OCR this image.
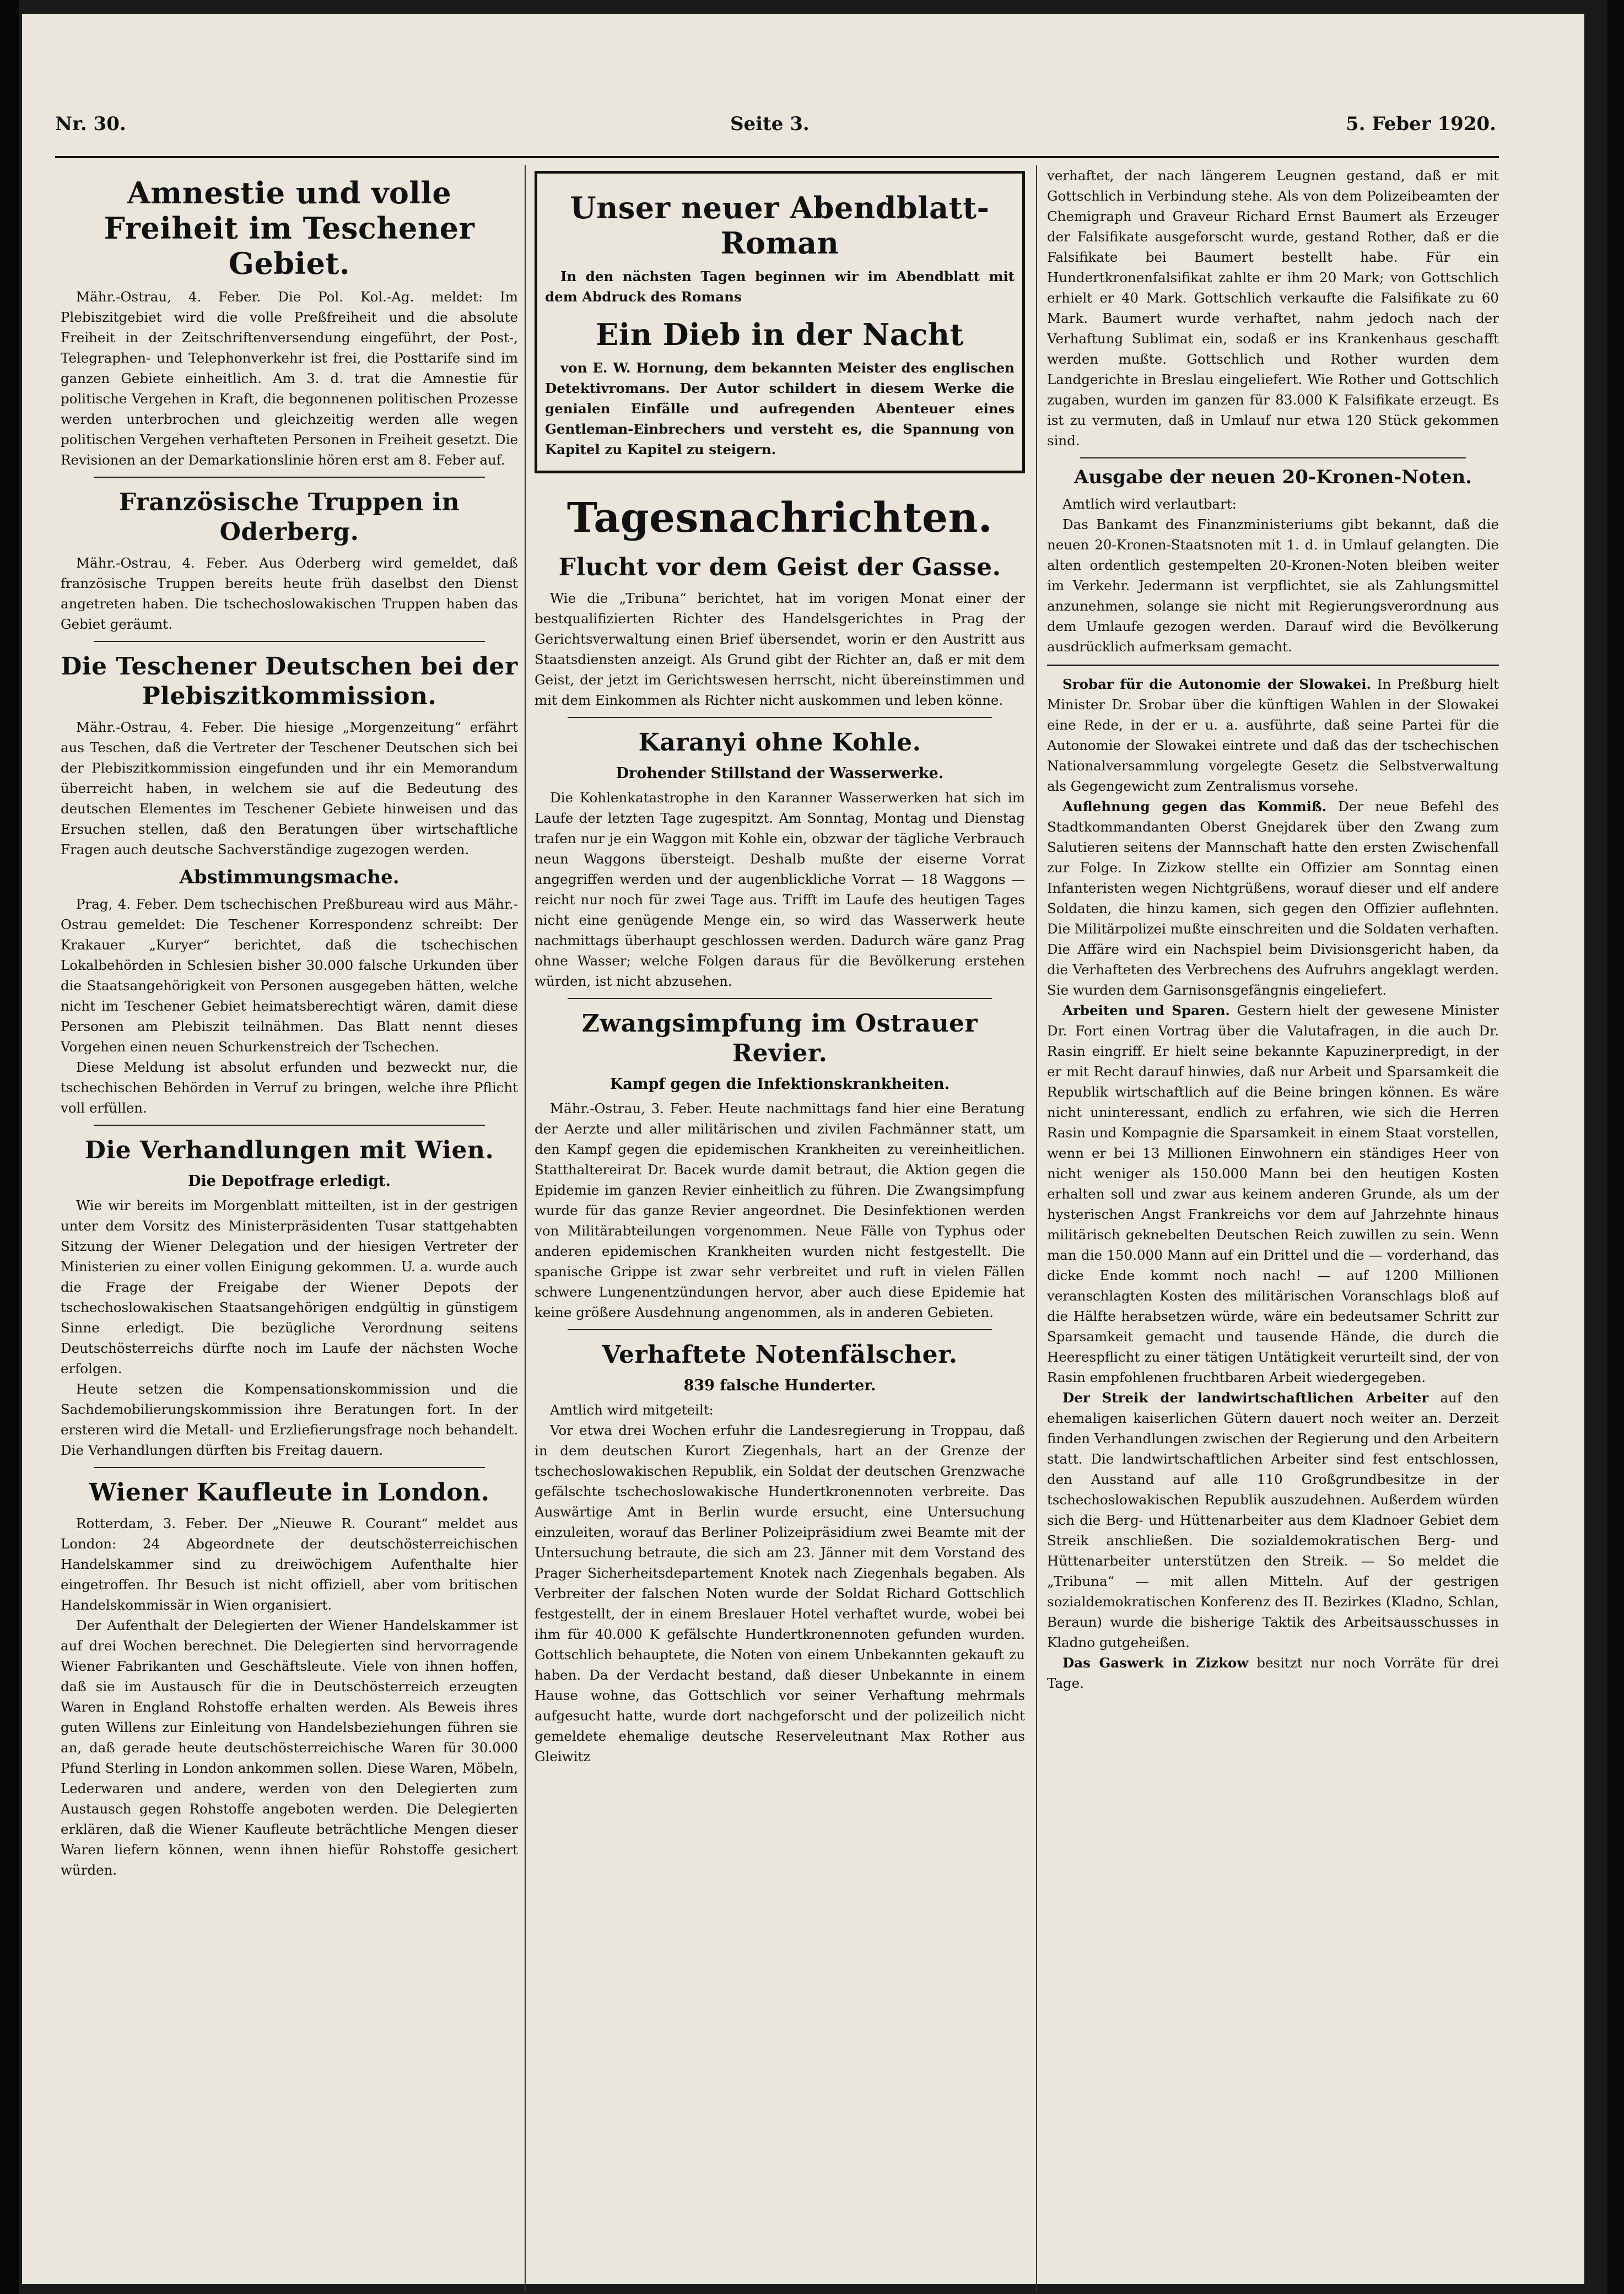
Nr. 30.	Seite 3.	5. Feber 1920.
Amnestie und volle Freiheit im Teschener Gebiet.

Mähr.-Ostrau, 4. Feber. Die Pol. Kol.-Ag. meldet: Im Plebiszitgebiet wird die volle Preßfreiheit und die absolute Freiheit in der Zeitschriftenversendung eingeführt, der Post-, Telegraphen- und Telephonverkehr ist frei, die Posttarife sind im ganzen Gebiete einheitlich. Am 3. d. trat die Amnestie für politische Vergehen in Kraft, die begonnenen politischen Prozesse werden unterbrochen und gleichzeitig werden alle wegen politischen Vergehen verhafteten Personen in Freiheit gesetzt. Die Revisionen an der Demarkationslinie hören erst am 8. Feber auf.

Französische Truppen in Oderberg.

Mähr.-Ostrau, 4. Feber. Aus Oderberg wird gemeldet, daß französische Truppen bereits heute früh daselbst den Dienst angetreten haben. Die tschechoslowakischen Truppen haben das Gebiet geräumt.

Die Teschener Deutschen bei der Plebiszitkommission.

Mähr.-Ostrau, 4. Feber. Die hiesige „Morgenzeitung“ erfährt aus Teschen, daß die Vertreter der Teschener Deutschen sich bei der Plebiszitkommission eingefunden und ihr ein Memorandum überreicht haben, in welchem sie auf die Bedeutung des deutschen Elementes im Teschener Gebiete hinweisen und das Ersuchen stellen, daß den Beratungen über wirtschaftliche Fragen auch deutsche Sachverständige zugezogen werden.

Abstimmungsmache.

Prag, 4. Feber. Dem tschechischen Preßbureau wird aus Mähr.-Ostrau gemeldet: Die Teschener Korrespondenz schreibt: Der Krakauer „Kuryer“ berichtet, daß die tschechischen Lokalbehörden in Schlesien bisher 30.000 falsche Urkunden über die Staatsangehörigkeit von Personen ausgegeben hätten, welche nicht im Teschener Gebiet heimatsberechtigt wären, damit diese Personen am Plebiszit teilnähmen. Das Blatt nennt dieses Vorgehen einen neuen Schurkenstreich der Tschechen.

Diese Meldung ist absolut erfunden und bezweckt nur, die tschechischen Behörden in Verruf zu bringen, welche ihre Pflicht voll erfüllen.

Die Verhandlungen mit Wien.
Die Depotfrage erledigt.

Wie wir bereits im Morgenblatt mitteilten, ist in der gestrigen unter dem Vorsitz des Ministerpräsidenten Tusar stattgehabten Sitzung der Wiener Delegation und der hiesigen Vertreter der Ministerien zu einer vollen Einigung gekommen. U. a. wurde auch die Frage der Freigabe der Wiener Depots der tschechoslowakischen Staatsangehörigen endgültig in günstigem Sinne erledigt. Die bezügliche Verordnung seitens Deutschösterreichs dürfte noch im Laufe der nächsten Woche erfolgen.

Heute setzen die Kompensationskommission und die Sachdemobilierungskommission ihre Beratungen fort. In der ersteren wird die Metall- und Erzliefierungsfrage noch behandelt. Die Verhandlungen dürften bis Freitag dauern.

Wiener Kaufleute in London.

Rotterdam, 3. Feber. Der „Nieuwe R. Courant“ meldet aus London: 24 Abgeordnete der deutschösterreichischen Handelskammer sind zu dreiwöchigem Aufenthalte hier eingetroffen. Ihr Besuch ist nicht offiziell, aber vom britischen Handelskommissär in Wien organisiert.

Der Aufenthalt der Delegierten der Wiener Handelskammer ist auf drei Wochen berechnet. Die Delegierten sind hervorragende Wiener Fabrikanten und Geschäftsleute. Viele von ihnen hoffen, daß sie im Austausch für die in Deutschösterreich erzeugten Waren in England Rohstoffe erhalten werden. Als Beweis ihres guten Willens zur Einleitung von Handelsbeziehungen führen sie an, daß gerade heute deutschösterreichische Waren für 30.000 Pfund Sterling in London ankommen sollen. Diese Waren, Möbeln, Lederwaren und andere, werden von den Delegierten zum Austausch gegen Rohstoffe angeboten werden. Die Delegierten erklären, daß die Wiener Kaufleute beträchtliche Mengen dieser Waren liefern können, wenn ihnen hiefür Rohstoffe gesichert würden.

Unser neuer Abendblatt-Roman

In den nächsten Tagen beginnen wir im Abendblatt mit dem Abdruck des Romans

Ein Dieb in der Nacht

von E. W. Hornung, dem bekannten Meister des englischen Detektivromans. Der Autor schildert in diesem Werke die genialen Einfälle und aufregenden Abenteuer eines Gentleman-Einbrechers und versteht es, die Spannung von Kapitel zu Kapitel zu steigern.

Tagesnachrichten.
Flucht vor dem Geist der Gasse.

Wie die „Tribuna“ berichtet, hat im vorigen Monat einer der bestqualifizierten Richter des Handelsgerichtes in Prag der Gerichtsverwaltung einen Brief übersendet, worin er den Austritt aus Staatsdiensten anzeigt. Als Grund gibt der Richter an, daß er mit dem Geist, der jetzt im Gerichtswesen herrscht, nicht übereinstimmen und mit dem Einkommen als Richter nicht auskommen und leben könne.

Karanyi ohne Kohle.
Drohender Stillstand der Wasserwerke.

Die Kohlenkatastrophe in den Karanner Wasserwerken hat sich im Laufe der letzten Tage zugespitzt. Am Sonntag, Montag und Dienstag trafen nur je ein Waggon mit Kohle ein, obzwar der tägliche Verbrauch neun Waggons übersteigt. Deshalb mußte der eiserne Vorrat angegriffen werden und der augenblickliche Vorrat — 18 Waggons — reicht nur noch für zwei Tage aus. Trifft im Laufe des heutigen Tages nicht eine genügende Menge ein, so wird das Wasserwerk heute nachmittags überhaupt geschlossen werden. Dadurch wäre ganz Prag ohne Wasser; welche Folgen daraus für die Bevölkerung erstehen würden, ist nicht abzusehen.

Zwangsimpfung im Ostrauer Revier.
Kampf gegen die Infektionskrankheiten.

Mähr.-Ostrau, 3. Feber. Heute nachmittags fand hier eine Beratung der Aerzte und aller militärischen und zivilen Fachmänner statt, um den Kampf gegen die epidemischen Krankheiten zu vereinheitlichen. Statthaltereirat Dr. Bacek wurde damit betraut, die Aktion gegen die Epidemie im ganzen Revier einheitlich zu führen. Die Zwangsimpfung wurde für das ganze Revier angeordnet. Die Desinfektionen werden von Militärabteilungen vorgenommen. Neue Fälle von Typhus oder anderen epidemischen Krankheiten wurden nicht festgestellt. Die spanische Grippe ist zwar sehr verbreitet und ruft in vielen Fällen schwere Lungenentzündungen hervor, aber auch diese Epidemie hat keine größere Ausdehnung angenommen, als in anderen Gebieten.

Verhaftete Notenfälscher.
839 falsche Hunderter.

Amtlich wird mitgeteilt:

Vor etwa drei Wochen erfuhr die Landesregierung in Troppau, daß in dem deutschen Kurort Ziegenhals, hart an der Grenze der tschechoslowakischen Republik, ein Soldat der deutschen Grenzwache gefälschte tschechoslowakische Hundertkronennoten verbreite. Das Auswärtige Amt in Berlin wurde ersucht, eine Untersuchung einzuleiten, worauf das Berliner Polizeipräsidium zwei Beamte mit der Untersuchung betraute, die sich am 23. Jänner mit dem Vorstand des Prager Sicherheitsdepartement Knotek nach Ziegenhals begaben. Als Verbreiter der falschen Noten wurde der Soldat Richard Gottschlich festgestellt, der in einem Breslauer Hotel verhaftet wurde, wobei bei ihm für 40.000 K gefälschte Hundertkronennoten gefunden wurden. Gottschlich behauptete, die Noten von einem Unbekannten gekauft zu haben. Da der Verdacht bestand, daß dieser Unbekannte in einem Hause wohne, das Gottschlich vor seiner Verhaftung mehrmals aufgesucht hatte, wurde dort nachgeforscht und der polizeilich nicht gemeldete ehemalige deutsche Reserveleutnant Max Rother aus Gleiwitz

verhaftet, der nach längerem Leugnen gestand, daß er mit Gottschlich in Verbindung stehe. Als von dem Polizeibeamten der Chemigraph und Graveur Richard Ernst Baumert als Erzeuger der Falsifikate ausgeforscht wurde, gestand Rother, daß er die Falsifikate bei Baumert bestellt habe. Für ein Hundertkronenfalsifikat zahlte er ihm 20 Mark; von Gottschlich erhielt er 40 Mark. Gottschlich verkaufte die Falsifikate zu 60 Mark. Baumert wurde verhaftet, nahm jedoch nach der Verhaftung Sublimat ein, sodaß er ins Krankenhaus geschafft werden mußte. Gottschlich und Rother wurden dem Landgerichte in Breslau eingeliefert. Wie Rother und Gottschlich zugaben, wurden im ganzen für 83.000 K Falsifikate erzeugt. Es ist zu vermuten, daß in Umlauf nur etwa 120 Stück gekommen sind.

Ausgabe der neuen 20-Kronen-Noten.

Amtlich wird verlautbart:

Das Bankamt des Finanzministeriums gibt bekannt, daß die neuen 20-Kronen-Staatsnoten mit 1. d. in Umlauf gelangten. Die alten ordentlich gestempelten 20-Kronen-Noten bleiben weiter im Verkehr. Jedermann ist verpflichtet, sie als Zahlungsmittel anzunehmen, solange sie nicht mit Regierungsverordnung aus dem Umlaufe gezogen werden. Darauf wird die Bevölkerung ausdrücklich aufmerksam gemacht.

Srobar für die Autonomie der Slowakei. In Preßburg hielt Minister Dr. Srobar über die künftigen Wahlen in der Slowakei eine Rede, in der er u. a. ausführte, daß seine Partei für die Autonomie der Slowakei eintrete und daß das der tschechischen Nationalversammlung vorgelegte Gesetz die Selbstverwaltung als Gegengewicht zum Zentralismus vorsehe.

Auflehnung gegen das Kommiß. Der neue Befehl des Stadtkommandanten Oberst Gnejdarek über den Zwang zum Salutieren seitens der Mannschaft hatte den ersten Zwischenfall zur Folge. In Zizkow stellte ein Offizier am Sonntag einen Infanteristen wegen Nichtgrüßens, worauf dieser und elf andere Soldaten, die hinzu kamen, sich gegen den Offizier auflehnten. Die Militärpolizei mußte einschreiten und die Soldaten verhaften. Die Affäre wird ein Nachspiel beim Divisionsgericht haben, da die Verhafteten des Verbrechens des Aufruhrs angeklagt werden. Sie wurden dem Garnisonsgefängnis eingeliefert.

Arbeiten und Sparen. Gestern hielt der gewesene Minister Dr. Fort einen Vortrag über die Valutafragen, in die auch Dr. Rasin eingriff. Er hielt seine bekannte Kapuzinerpredigt, in der er mit Recht darauf hinwies, daß nur Arbeit und Sparsamkeit die Republik wirtschaftlich auf die Beine bringen können. Es wäre nicht uninteressant, endlich zu erfahren, wie sich die Herren Rasin und Kompagnie die Sparsamkeit in einem Staat vorstellen, wenn er bei 13 Millionen Einwohnern ein ständiges Heer von nicht weniger als 150.000 Mann bei den heutigen Kosten erhalten soll und zwar aus keinem anderen Grunde, als um der hysterischen Angst Frankreichs vor dem auf Jahrzehnte hinaus militärisch geknebelten Deutschen Reich zuwillen zu sein. Wenn man die 150.000 Mann auf ein Drittel und die — vorderhand, das dicke Ende kommt noch nach! — auf 1200 Millionen veranschlagten Kosten des militärischen Voranschlags bloß auf die Hälfte herabsetzen würde, wäre ein bedeutsamer Schritt zur Sparsamkeit gemacht und tausende Hände, die durch die Heerespflicht zu einer tätigen Untätigkeit verurteilt sind, der von Rasin empfohlenen fruchtbaren Arbeit wiedergegeben.

Der Streik der landwirtschaftlichen Arbeiter auf den ehemaligen kaiserlichen Gütern dauert noch weiter an. Derzeit finden Verhandlungen zwischen der Regierung und den Arbeitern statt. Die landwirtschaftlichen Arbeiter sind fest entschlossen, den Ausstand auf alle 110 Großgrundbesitze in der tschechoslowakischen Republik auszudehnen. Außerdem würden sich die Berg- und Hüttenarbeiter aus dem Kladnoer Gebiet dem Streik anschließen. Die sozialdemokratischen Berg- und Hüttenarbeiter unterstützen den Streik. — So meldet die „Tribuna“ — mit allen Mitteln. Auf der gestrigen sozialdemokratischen Konferenz des II. Bezirkes (Kladno, Schlan, Beraun) wurde die bisherige Taktik des Arbeitsausschusses in Kladno gutgeheißen.

Das Gaswerk in Zizkow besitzt nur noch Vorräte für drei Tage.
